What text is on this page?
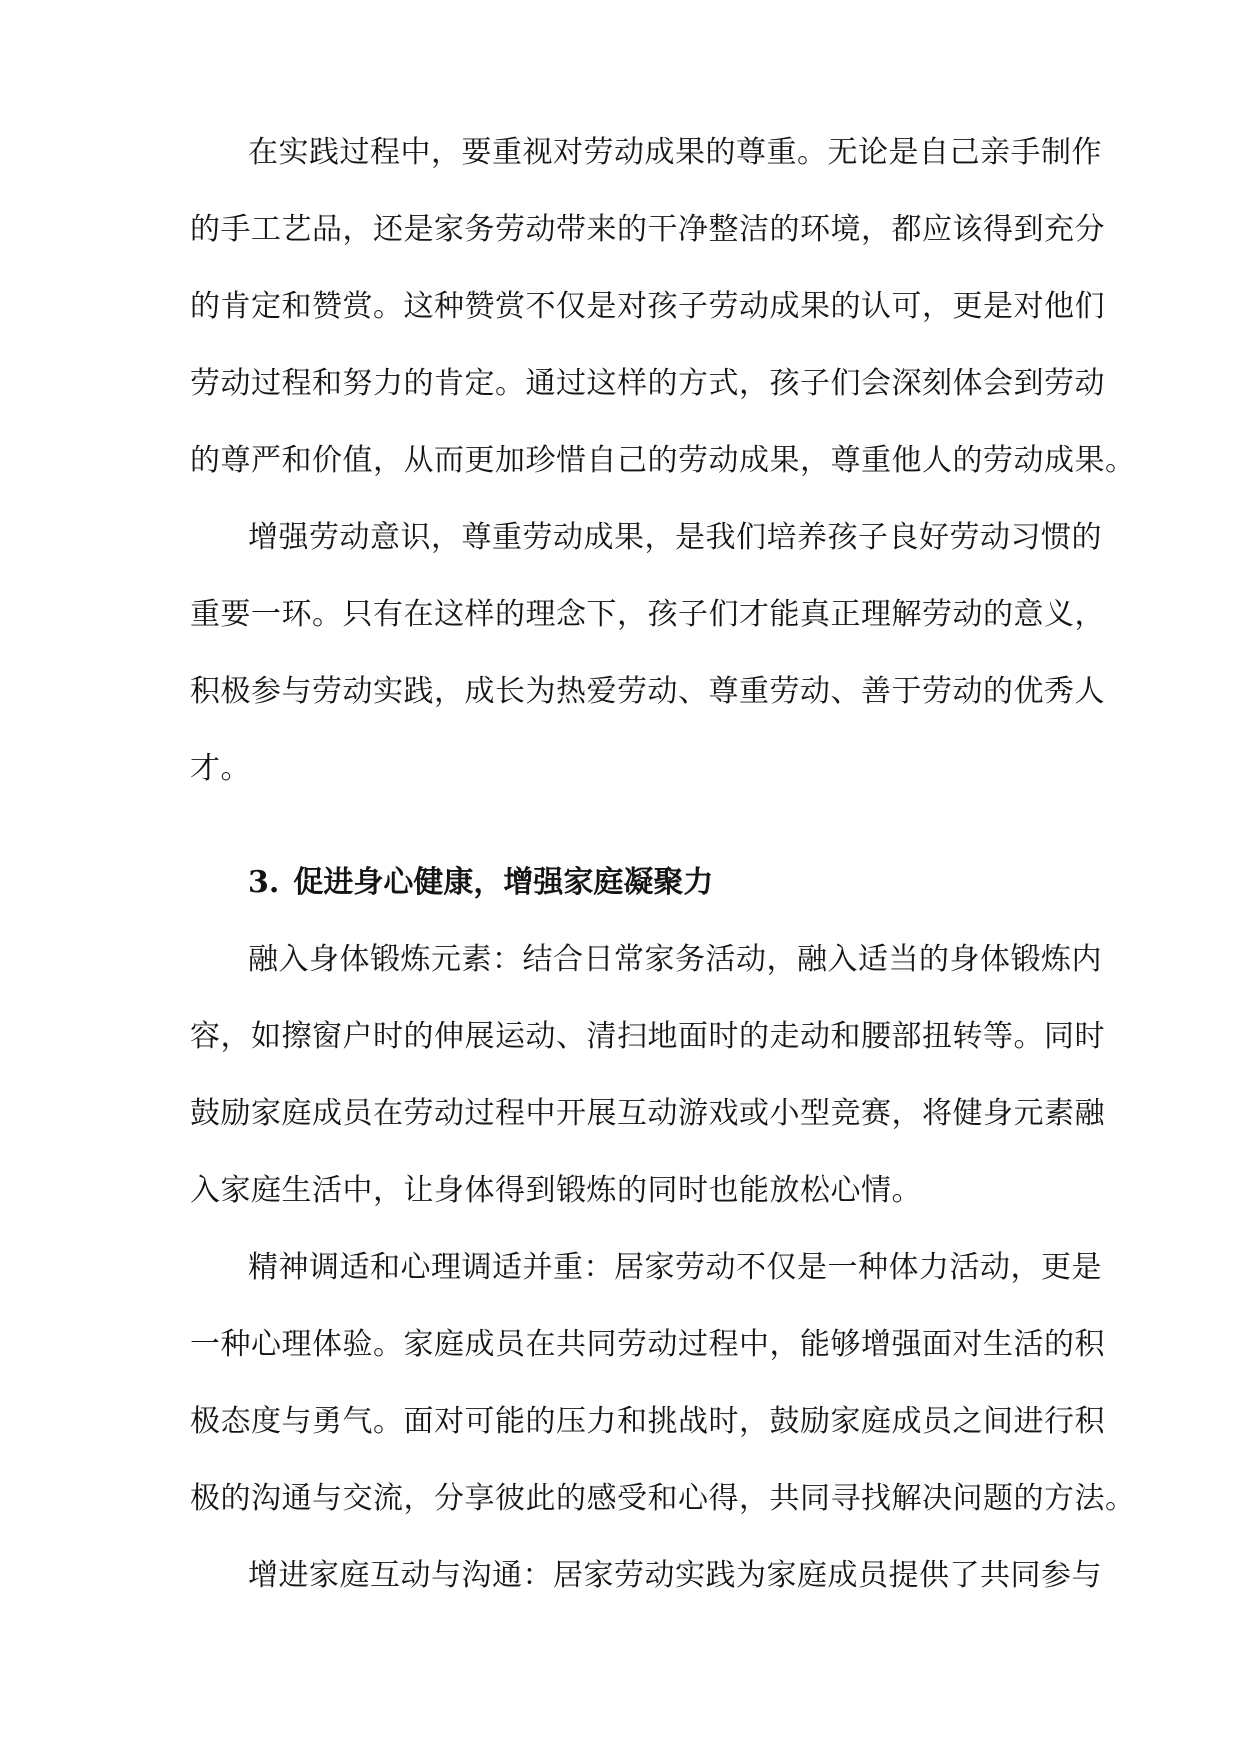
在实践过程中，要重视对劳动成果的尊重。无论是自己亲手制作
的手工艺品，还是家务劳动带来的干净整洁的环境，都应该得到充分
的肯定和赞赏。这种赞赏不仅是对孩子劳动成果的认可，更是对他们
劳动过程和努力的肯定。通过这样的方式，孩子们会深刻体会到劳动
的尊严和价值，从而更加珍惜自己的劳动成果，尊重他人的劳动成果。
增强劳动意识，尊重劳动成果，是我们培养孩子良好劳动习惯的
重要一环。只有在这样的理念下，孩子们才能真正理解劳动的意义，
积极参与劳动实践，成长为热爱劳动、尊重劳动、善于劳动的优秀人
才。
3. 促进身心健康，增强家庭凝聚力
融入身体锻炼元素：结合日常家务活动，融入适当的身体锻炼内
容，如擦窗户时的伸展运动、清扫地面时的走动和腰部扭转等。同时
鼓励家庭成员在劳动过程中开展互动游戏或小型竞赛，将健身元素融
入家庭生活中，让身体得到锻炼的同时也能放松心情。
精神调适和心理调适并重：居家劳动不仅是一种体力活动，更是
一种心理体验。家庭成员在共同劳动过程中，能够增强面对生活的积
极态度与勇气。面对可能的压力和挑战时，鼓励家庭成员之间进行积
极的沟通与交流，分享彼此的感受和心得，共同寻找解决问题的方法。
增进家庭互动与沟通：居家劳动实践为家庭成员提供了共同参与
